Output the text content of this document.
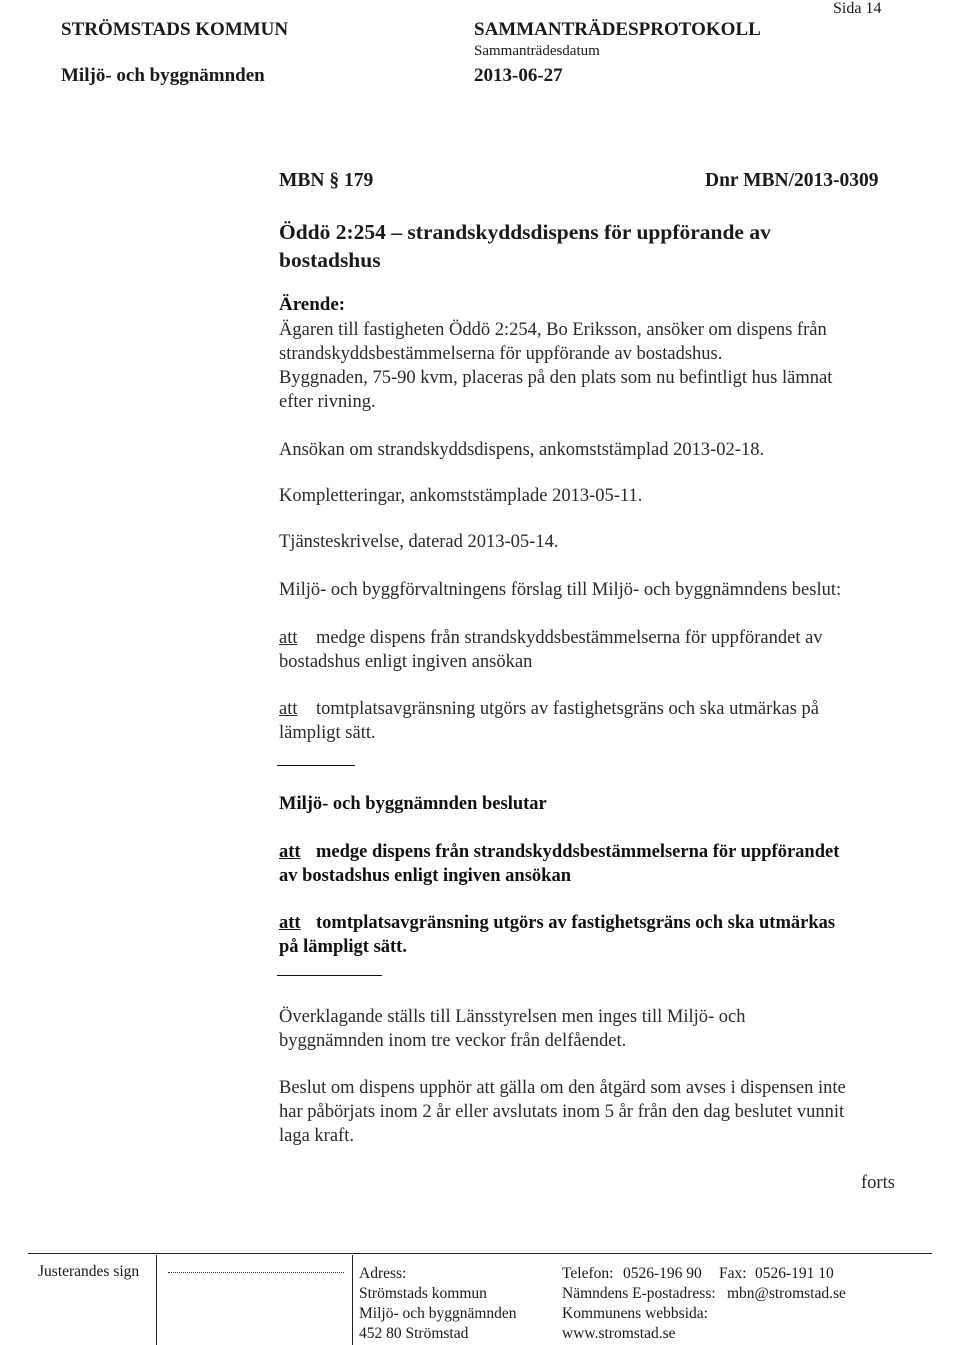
STRÖMSTADS KOMMUN
Miljö- och byggnämnden
SAMMANTRÄDESPROTOKOLL
Sammanträdesdatum
2013-06-27
Sida 14
MBN § 179	Dnr MBN/2013-0309
Öddö 2:254 – strandskyddsdispens för uppförande av
bostadshus
Ärende:
Ägaren till fastigheten Öddö 2:254, Bo Eriksson, ansöker om dispens från
strandskyddsbestämmelserna för uppförande av bostadshus.
Byggnaden, 75-90 kvm, placeras på den plats som nu befintligt hus lämnat
efter rivning.
Ansökan om strandskyddsdispens, ankomststämplad 2013-02-18.
Kompletteringar, ankomststämplade 2013-05-11.
Tjänsteskrivelse, daterad 2013-05-14.
Miljö- och byggförvaltningens förslag till Miljö- och byggnämndens beslut:
att medge dispens från strandskyddsbestämmelserna för uppförandet av
bostadshus enligt ingiven ansökan
att tomtplatsavgränsning utgörs av fastighetsgräns och ska utmärkas på
lämpligt sätt.
Miljö- och byggnämnden beslutar
att medge dispens från strandskyddsbestämmelserna för uppförandet
av bostadshus enligt ingiven ansökan
att tomtplatsavgränsning utgörs av fastighetsgräns och ska utmärkas
på lämpligt sätt.
Överklagande ställs till Länsstyrelsen men inges till Miljö- och
byggnämnden inom tre veckor från delfåendet.
Beslut om dispens upphör att gälla om den åtgärd som avses i dispensen inte
har påbörjats inom 2 år eller avslutats inom 5 år från den dag beslutet vunnit
laga kraft.
forts
Justerandes sign	Adress:
Strömstads kommun
Miljö- och byggnämnden
452 80 Strömstad
Telefon: 0526-196 90 Fax: 0526-191 10
Nämndens E-postadress: mbn@stromstad.se
Kommunens webbsida:
www.stromstad.se
